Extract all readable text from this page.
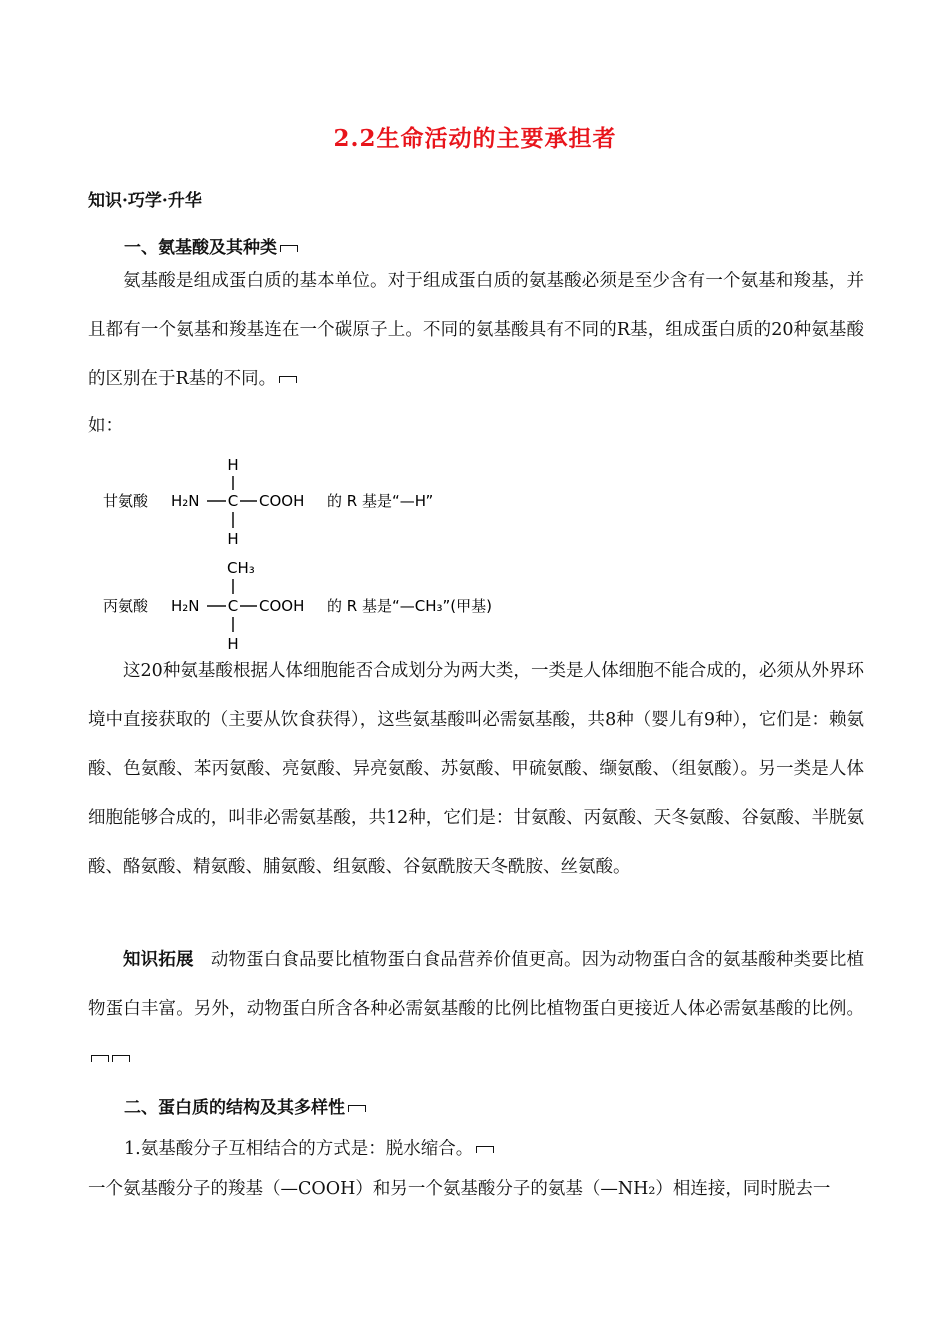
2.2生命活动的主要承担者
知识·巧学·升华
一、氨基酸及其种类
氨基酸是组成蛋白质的基本单位。对于组成蛋白质的氨基酸必须是至少含有一个氨基和羧基，并且都有一个氨基和羧基连在一个碳原子上。不同的氨基酸具有不同的R基，组成蛋白质的20种氨基酸的区别在于R基的不同。
如：
H
甘氨酸 H₂N C COOH 的 R 基是“—H”
H
CH₃
丙氨酸 H₂N C COOH 的 R 基是“—CH₃”(甲基)
H
这20种氨基酸根据人体细胞能否合成划分为两大类，一类是人体细胞不能合成的，必须从外界环境中直接获取的（主要从饮食获得），这些氨基酸叫必需氨基酸，共8种（婴儿有9种），它们是：赖氨酸、色氨酸、苯丙氨酸、亮氨酸、异亮氨酸、苏氨酸、甲硫氨酸、缬氨酸、（组氨酸）。另一类是人体细胞能够合成的，叫非必需氨基酸，共12种，它们是：甘氨酸、丙氨酸、天冬氨酸、谷氨酸、半胱氨酸、酪氨酸、精氨酸、脯氨酸、组氨酸、谷氨酰胺天冬酰胺、丝氨酸。
知识拓展 动物蛋白食品要比植物蛋白食品营养价值更高。因为动物蛋白含的氨基酸种类要比植物蛋白丰富。另外，动物蛋白所含各种必需氨基酸的比例比植物蛋白更接近人体必需氨基酸的比例。
二、蛋白质的结构及其多样性
1.氨基酸分子互相结合的方式是：脱水缩合。
一个氨基酸分子的羧基（—COOH）和另一个氨基酸分子的氨基（—NH₂）相连接，同时脱去一
